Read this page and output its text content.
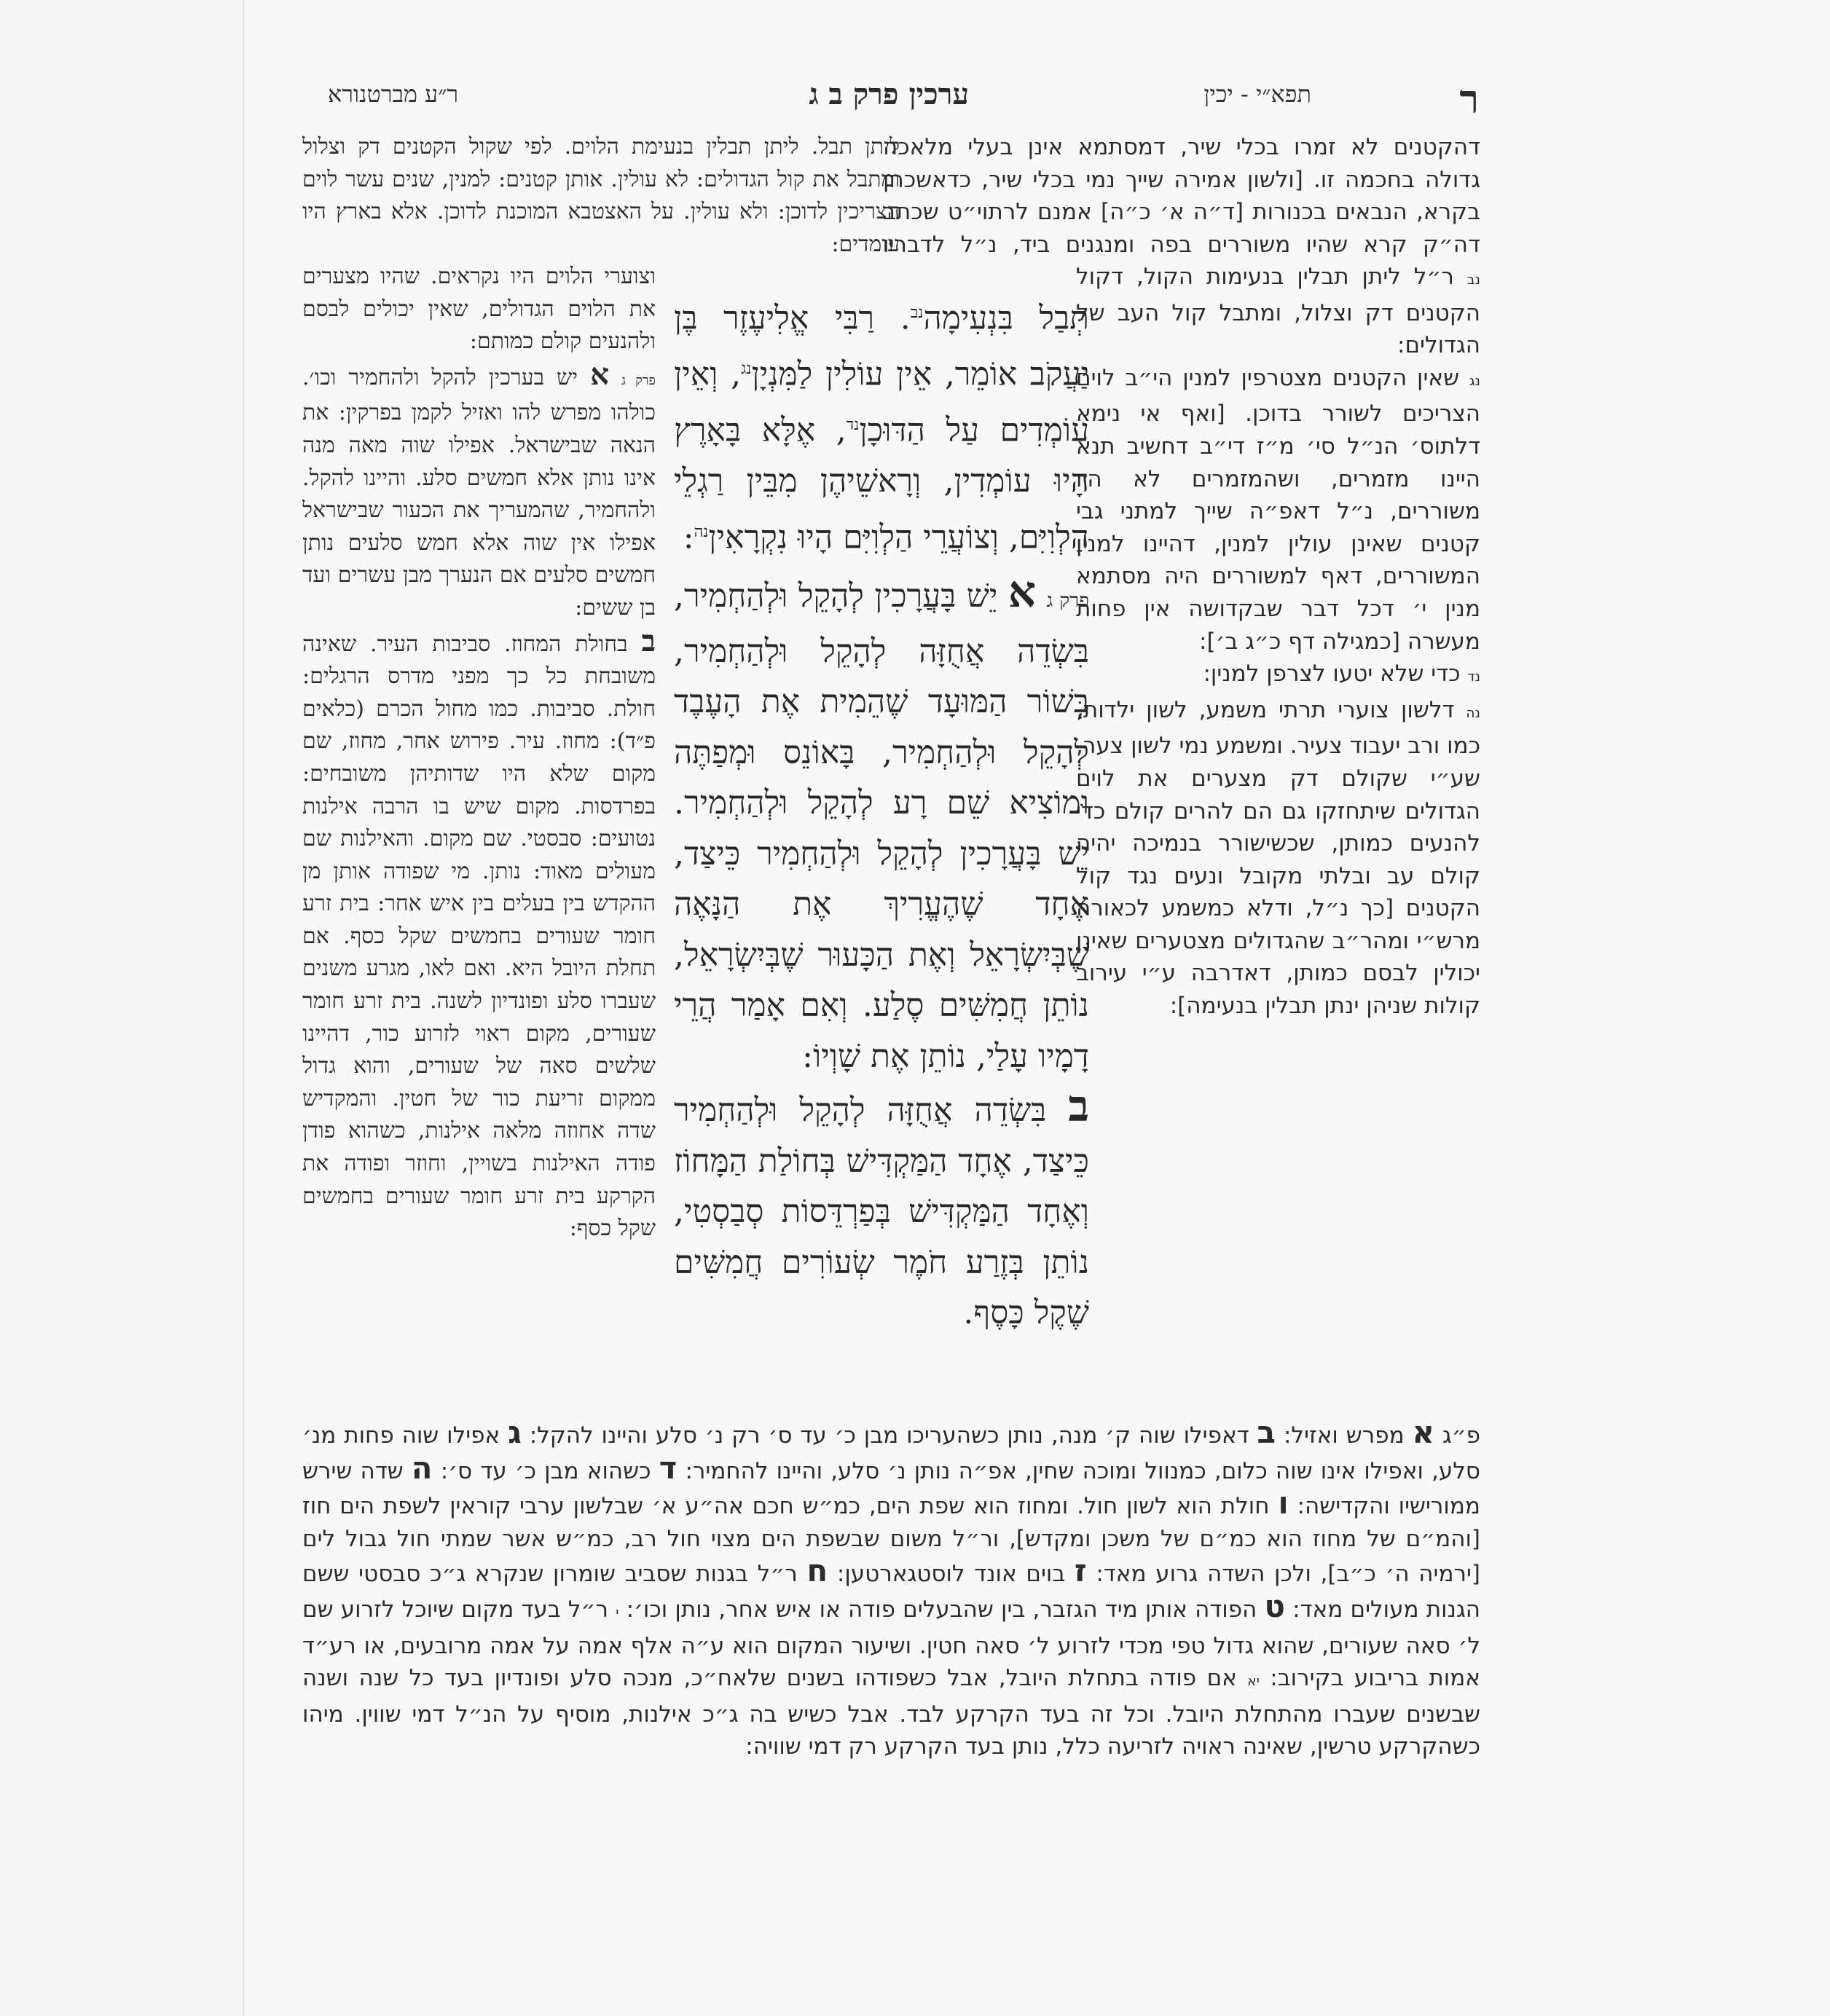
ר
תפא״י - יכין
ערכין פרק ב ג
ר״ע מברטנורא

דהקטנים לא זמרו בכלי שיר, דמסתמא אינן בעלי מלאכה גדולה בחכמה זו. [ולשון אמירה שייך נמי בכלי שיר, כדאשכחן בקרא, הנבאים בכנורות [ד״ה א׳ כ״ה] אמנם לרתוי״ט שכתב דה״ק קרא שהיו משוררים בפה ומנגנים ביד, נ״ל לדבריו

נב ר״ל ליתן תבלין בנעימות הקול, דקול הקטנים דק וצלול, ומתבל קול העב של הגדולים:

נג שאין הקטנים מצטרפין למנין הי״ב לוים הצריכים לשורר בדוכן. [ואף אי נימא דלתוס׳ הנ״ל סי׳ מ״ז די״ב דחשיב תנא היינו מזמרים, ושהמזמרים לא היו משוררים, נ״ל דאפ״ה שייך למתני גבי קטנים שאינן עולין למנין, דהיינו למנין המשוררים, דאף למשוררים היה מסתמא מנין י׳ דכל דבר שבקדושה אין פחות מעשרה [כמגילה דף כ״ג ב׳]:

נד כדי שלא יטעו לצרפן למנין:

נה דלשון צוערי תרתי משמע, לשון ילדות, כמו ורב יעבוד צעיר. ומשמע נמי לשון צער, שע״י שקולם דק מצערים את לוים הגדולים שיתחזקו גם הם להרים קולם כדי להנעים כמותן, שכשישורר בנמיכה יהיה קולם עב ובלתי מקובל ונעים נגד קול הקטנים [כך נ״ל, ודלא כמשמע לכאורה מרש״י ומהר״ב שהגדולים מצטערים שאינן יכולין לבסם כמותן, דאדרבה ע״י עירוב קולות שניהן ינתן תבלין בנעימה]:

ליתן תבל. ליתן תבלין בנעימת הלוים. לפי שקול הקטנים דק וצלול ומתבל את קול הגדולים: לא עולין. אותן קטנים: למנין, שנים עשר לוים הצריכין לדוכן: ולא עולין. על האצטבא המוכנת לדוכן. אלא בארץ היו עומדים:

וצוערי הלוים היו נקראים. שהיו מצערים את הלוים הגדולים, שאין יכולים לבסם ולהנעים קולם כמותם:

פרק ג א יש בערכין להקל ולהחמיר וכו׳. כולהו מפרש להו ואזיל לקמן בפרקין: את הנאה שבישראל. אפילו שוה מאה מנה אינו נותן אלא חמשים סלע. והיינו להקל. ולהחמיר, שהמעריך את הכעור שבישראל אפילו אין שוה אלא חמש סלעים נותן חמשים סלעים אם הנערך מבן עשרים ועד בן ששים:

ב בחולת המחוז. סביבות העיר. שאינה משובחת כל כך מפני מדרס הרגלים: חולת. סביבות. כמו מחול הכרם (כלאים פ״ד): מחוז. עיר. פירוש אחר, מחוז, שם מקום שלא היו שדותיהן משובחים: בפרדסות. מקום שיש בו הרבה אילנות נטועים: סבסטי. שם מקום. והאילנות שם מעולים מאוד: נותן. מי שפודה אותן מן ההקדש בין בעלים בין איש אחר: בית זרע חומר שעורים בחמשים שקל כסף. אם תחלת היובל היא. ואם לאו, מגרע משנים שעברו סלע ופונדיון לשנה. בית זרע חומר שעורים, מקום ראוי לזרוע כור, דהיינו שלשים סאה של שעורים, והוא גדול ממקום זריעת כור של חטין. והמקדיש שדה אחוזה מלאה אילנות, כשהוא פודן פודה האילנות בשויין, וחוזר ופודה את הקרקע בית זרע חומר שעורים בחמשים שקל כסף:

תְּבַל בִּנְעִימָה$^{נב}$. רַבִּי אֱלִיעֶזֶר בֶּן יַעֲקֹב אוֹמֵר, אֵין עוֹלִין לַמִּנְיָן$^{נג}$, וְאֵין עוֹמְדִים עַל הַדּוּכָן$^{נד}$, אֶלָּא בָּאָרֶץ הָיוּ עוֹמְדִין, וְרָאשֵׁיהֶן מִבֵּין רַגְלֵי הַלְוִיִּם, וְצוֹעֲרֵי הַלְוִיִּם הָיוּ נִקְרָאִין$^{נה}$:

פרק ג א יֵשׁ בָּעֲרָכִין לְהָקֵל וּלְהַחְמִיר, בִּשְׂדֵה אֲחֻזָּה לְהָקֵל וּלְהַחְמִיר, בְּשׁוֹר הַמּוּעָד שֶׁהֵמִית אֶת הָעֶבֶד לְהָקֵל וּלְהַחְמִיר, בָּאוֹנֵס וּמְפַתֶּה וּמוֹצִיא שֵׁם רָע לְהָקֵל וּלְהַחְמִיר. יֵשׁ בָּעֲרָכִין לְהָקֵל וּלְהַחְמִיר כֵּיצַד, אֶחָד שֶׁהֶעֱרִיךְ אֶת הַנָּאֶה שֶׁבְּיִשְׂרָאֵל וְאֶת הַכָּעוּר שֶׁבְּיִשְׂרָאֵל, נוֹתֵן חֲמִשִּׁים סֶלַע. וְאִם אָמַר הֲרֵי דָמָיו עָלַי, נוֹתֵן אֶת שָׁוְיוֹ:

ב בִּשְׂדֵה אֲחֻזָּה לְהָקֵל וּלְהַחְמִיר כֵּיצַד, אֶחָד הַמַּקְדִּישׁ בְּחוֹלַת הַמָּחוֹז וְאֶחָד הַמַּקְדִּישׁ בְּפַרְדֵּסוֹת סְבַסְטִי, נוֹתֵן בְּזֶרַע חֹמֶר שְׂעוֹרִים חֲמִשִּׁים שֶׁקֶל כָּסֶף.

פ״ג א מפרש ואזיל: ב דאפילו שוה ק׳ מנה, נותן כשהעריכו מבן כ׳ עד ס׳ רק נ׳ סלע והיינו להקל: ג אפילו שוה פחות מנ׳ סלע, ואפילו אינו שוה כלום, כמנוול ומוכה שחין, אפ״ה נותן נ׳ סלע, והיינו להחמיר: ד כשהוא מבן כ׳ עד ס׳: ה שדה שירש ממורישיו והקדישה: ו חולת הוא לשון חול. ומחוז הוא שפת הים, כמ״ש חכם אה״ע א׳ שבלשון ערבי קוראין לשפת הים חוז [והמ״ם של מחוז הוא כמ״ם של משכן ומקדש], ור״ל משום שבשפת הים מצוי חול רב, כמ״ש אשר שמתי חול גבול לים [ירמיה ה׳ כ״ב], ולכן השדה גרוע מאד: ז בוים אונד לוסטגארטען: ח ר״ל בגנות שסביב שומרון שנקרא ג״כ סבסטי ששם הגנות מעולים מאד: ט הפודה אותן מיד הגזבר, בין שהבעלים פודה או איש אחר, נותן וכו׳: י ר״ל בעד מקום שיוכל לזרוע שם ל׳ סאה שעורים, שהוא גדול טפי מכדי לזרוע ל׳ סאה חטין. ושיעור המקום הוא ע״ה אלף אמה על אמה מרובעים, או רע״ד אמות בריבוע בקירוב: יא אם פודה בתחלת היובל, אבל כשפודהו בשנים שלאח״כ, מנכה סלע ופונדיון בעד כל שנה ושנה שבשנים שעברו מהתחלת היובל. וכל זה בעד הקרקע לבד. אבל כשיש בה ג״כ אילנות, מוסיף על הנ״ל דמי שווין. מיהו כשהקרקע טרשין, שאינה ראויה לזריעה כלל, נותן בעד הקרקע רק דמי שוויה:
